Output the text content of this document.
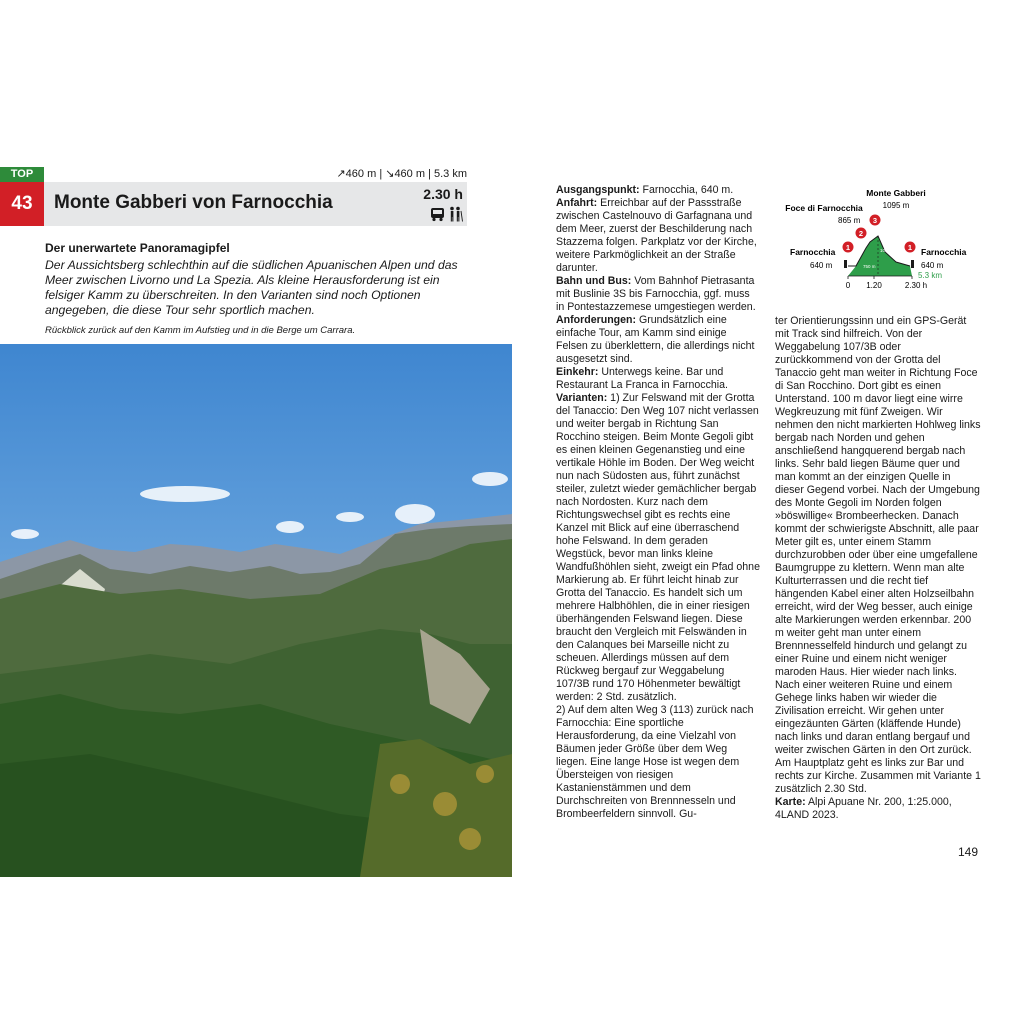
TOP
43	Monte Gabberi von Farnocchia
↗460 m | ↘460 m | 5.3 km
2.30 h
Der unerwartete Panoramagipfel
Der Aussichtsberg schlechthin auf die südlichen Apuanischen Alpen und das Meer zwischen Livorno und La Spezia. Als kleine Herausforderung ist ein felsiger Kamm zu überschreiten. In den Varianten sind noch Optionen angegeben, die diese Tour sehr sportlich machen.
Rückblick zurück auf den Kamm im Aufstieg und in die Berge um Carrara.
Ausgangspunkt: Farnocchia, 640 m.
Anfahrt: Erreichbar auf der Passstraße zwischen Castelnouvo di Garfagnana und dem Meer, zuerst der Beschilderung nach Stazzema folgen. Parkplatz vor der Kirche, weitere Parkmöglichkeit an der Straße darunter.
Bahn und Bus: Vom Bahnhof Pietrasanta mit Buslinie 3S bis Farnocchia, ggf. muss in Pontestazzemese umgestiegen werden.
Anforderungen: Grundsätzlich eine einfache Tour, am Kamm sind einige Felsen zu überklettern, die allerdings nicht ausgesetzt sind.
Einkehr: Unterwegs keine. Bar und Restaurant La Franca in Farnocchia.
Varianten: 1) Zur Felswand mit der Grotta del Tanaccio: Den Weg 107 nicht verlassen und weiter bergab in Richtung San Rocchino steigen. Beim Monte Gegoli gibt es einen kleinen Gegenanstieg und eine vertikale Höhle im Boden. Der Weg weicht nun nach Südosten aus, führt zunächst steiler, zuletzt wieder gemächlicher bergab nach Nordosten. Kurz nach dem Richtungswechsel gibt es rechts eine Kanzel mit Blick auf eine überraschend hohe Felswand. In dem geraden Wegstück, bevor man links kleine Wandfußhöhlen sieht, zweigt ein Pfad ohne Markierung ab. Er führt leicht hinab zur Grotta del Tanaccio. Es handelt sich um mehrere Halbhöhlen, die in einer riesigen überhängenden Felswand liegen. Diese braucht den Vergleich mit Felswänden in den Calanques bei Marseille nicht zu scheuen. Allerdings müssen auf dem Rückweg bergauf zur Weggabelung 107/3B rund 170 Höhenmeter bewältigt werden: 2 Std. zusätzlich.
2) Auf dem alten Weg 3 (113) zurück nach Farnocchia: Eine sportliche Herausforderung, da eine Vielzahl von Bäumen jeder Größe über dem Weg liegen. Eine lange Hose ist wegen dem Übersteigen von riesigen Kastanienstämmen und dem Durchschreiten von Brennnesseln und Brombeerfeldern sinnvoll. Gu-
Monte Gabberi
1095 m
Foce di Farnocchia
865 m
Farnocchia
640 m
Farnocchia
640 m
5.3 km
1095 m
750 m
0 1.20	2.30 h
1
2
3
1
ter Orientierungssinn und ein GPS-Gerät mit Track sind hilfreich. Von der Weggabelung 107/3B oder zurückkommend von der Grotta del Tanaccio geht man weiter in Richtung Foce di San Rocchino. Dort gibt es einen Unterstand. 100 m davor liegt eine wirre Wegkreuzung mit fünf Zweigen. Wir nehmen den nicht markierten Hohlweg links bergab nach Norden und gehen anschließend hangquerend bergab nach links. Sehr bald liegen Bäume quer und man kommt an der einzigen Quelle in dieser Gegend vorbei. Nach der Umgebung des Monte Gegoli im Norden folgen »böswillige« Brombeerhecken. Danach kommt der schwierigste Abschnitt, alle paar Meter gilt es, unter einem Stamm durchzurobben oder über eine umgefallene Baumgruppe zu klettern. Wenn man alte Kulturterrassen und die recht tief hängenden Kabel einer alten Holzseilbahn erreicht, wird der Weg besser, auch einige alte Markierungen werden erkennbar. 200 m weiter geht man unter einem Brennnesselfeld hindurch und gelangt zu einer Ruine und einem nicht weniger maroden Haus. Hier wieder nach links. Nach einer weiteren Ruine und einem Gehege links haben wir wieder die Zivilisation erreicht. Wir gehen unter eingezäunten Gärten (kläffende Hunde) nach links und daran entlang bergauf und weiter zwischen Gärten in den Ort zurück. Am Hauptplatz geht es links zur Bar und rechts zur Kirche. Zusammen mit Variante 1 zusätzlich 2.30 Std.
Karte: Alpi Apuane Nr. 200, 1:25.000, 4LAND 2023.
149
